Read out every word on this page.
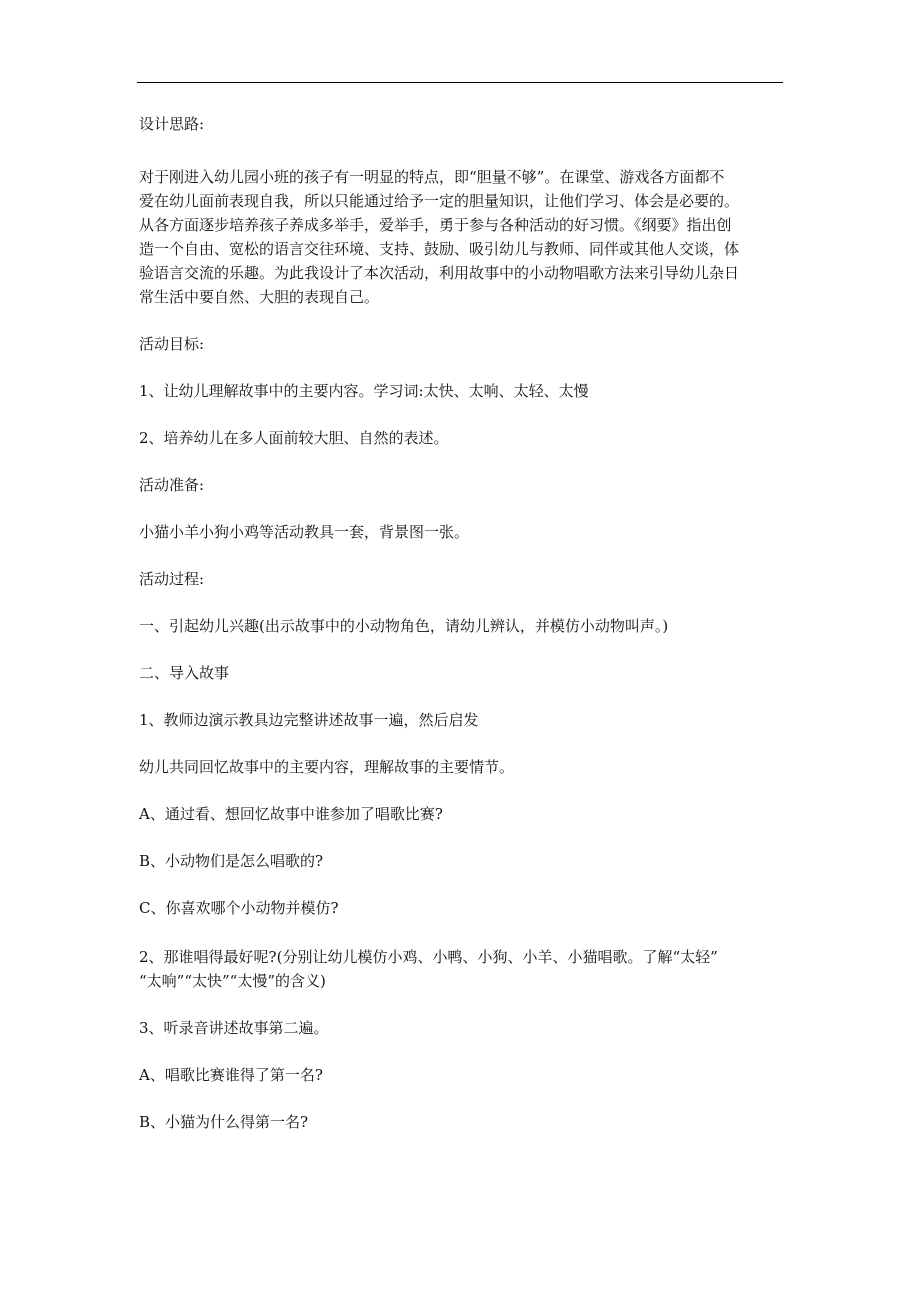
设计思路:
对于刚进入幼儿园小班的孩子有一明显的特点，即“胆量不够”。在课堂、游戏各方面都不
爱在幼儿面前表现自我，所以只能通过给予一定的胆量知识，让他们学习、体会是必要的。
从各方面逐步培养孩子养成多举手，爱举手，勇于参与各种活动的好习惯。《纲要》指出创
造一个自由、宽松的语言交往环境、支持、鼓励、吸引幼儿与教师、同伴或其他人交谈，体
验语言交流的乐趣。为此我设计了本次活动，利用故事中的小动物唱歌方法来引导幼儿杂日
常生活中要自然、大胆的表现自己。
活动目标:
1、让幼儿理解故事中的主要内容。学习词:太快、太响、太轻、太慢
2、培养幼儿在多人面前较大胆、自然的表述。
活动准备:
小猫小羊小狗小鸡等活动教具一套，背景图一张。
活动过程:
一、引起幼儿兴趣(出示故事中的小动物角色，请幼儿辨认，并模仿小动物叫声。)
二、导入故事
1、教师边演示教具边完整讲述故事一遍，然后启发
幼儿共同回忆故事中的主要内容，理解故事的主要情节。
A、通过看、想回忆故事中谁参加了唱歌比赛?
B、小动物们是怎么唱歌的?
C、你喜欢哪个小动物并模仿?
2、那谁唱得最好呢?(分别让幼儿模仿小鸡、小鸭、小狗、小羊、小猫唱歌。了解“太轻”
“太响”“太快”“太慢”的含义)
3、听录音讲述故事第二遍。
A、唱歌比赛谁得了第一名?
B、小猫为什么得第一名?
